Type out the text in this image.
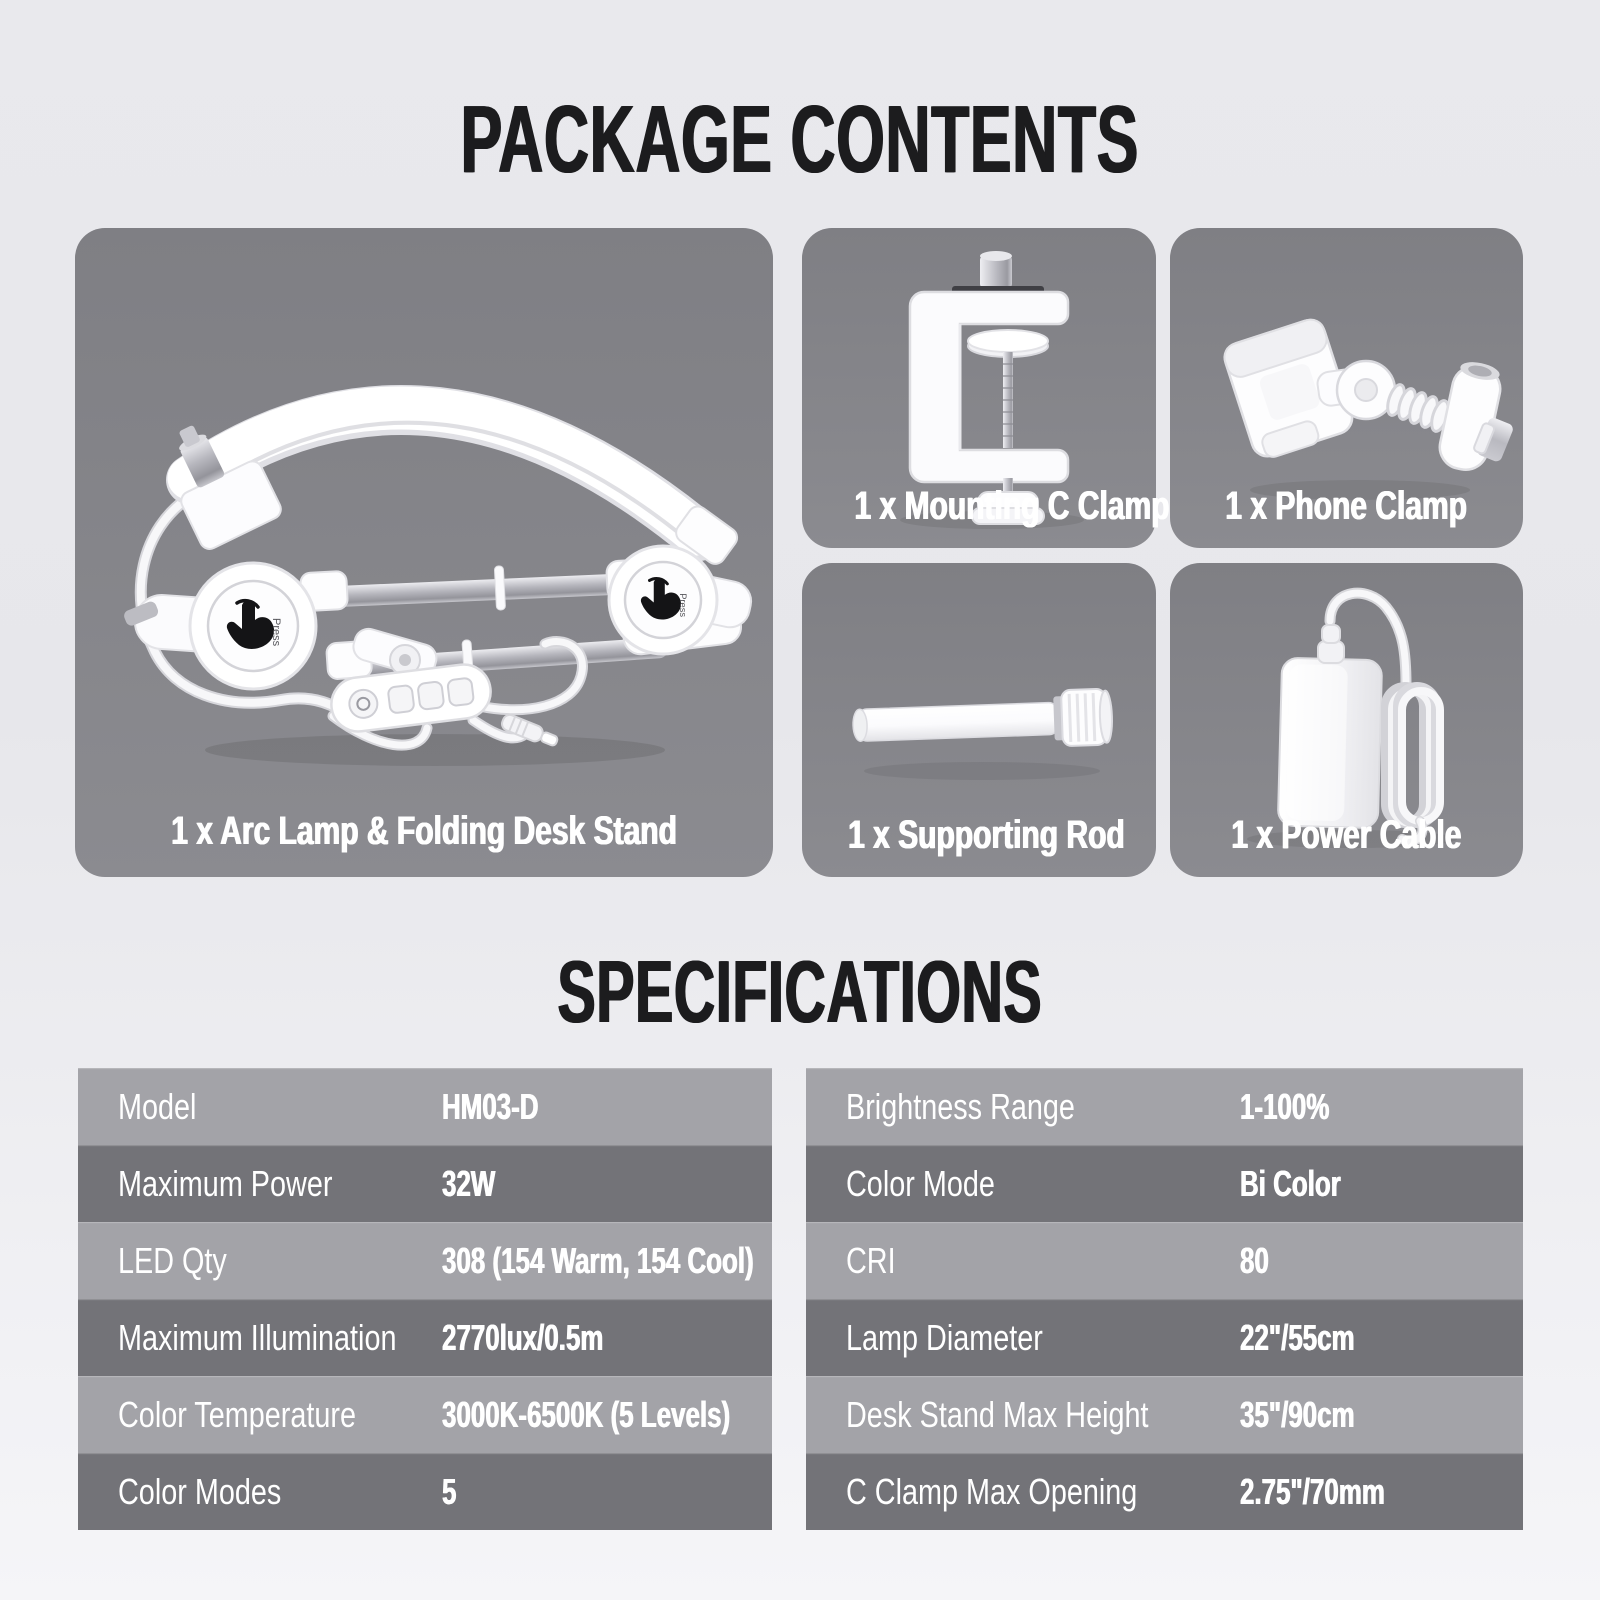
PACKAGE CONTENTS
Press
Press
1 x Arc Lamp & Folding Desk Stand
1 x Mounting C Clamp	1 x Phone Clamp
1 x Supporting Rod	1 x Power Cable
SPECIFICATIONS
Model	HM03-D
Maximum Power	32W
LED Qty	308 (154 Warm, 154 Cool)
Maximum Illumination	2770lux/0.5m
Color Temperature	3000K-6500K (5 Levels)
Color Modes	5
Brightness Range	1-100%
Color Mode	Bi Color
CRI	80
Lamp Diameter	22"/55cm
Desk Stand Max Height	35"/90cm
C Clamp Max Opening	2.75"/70mm
